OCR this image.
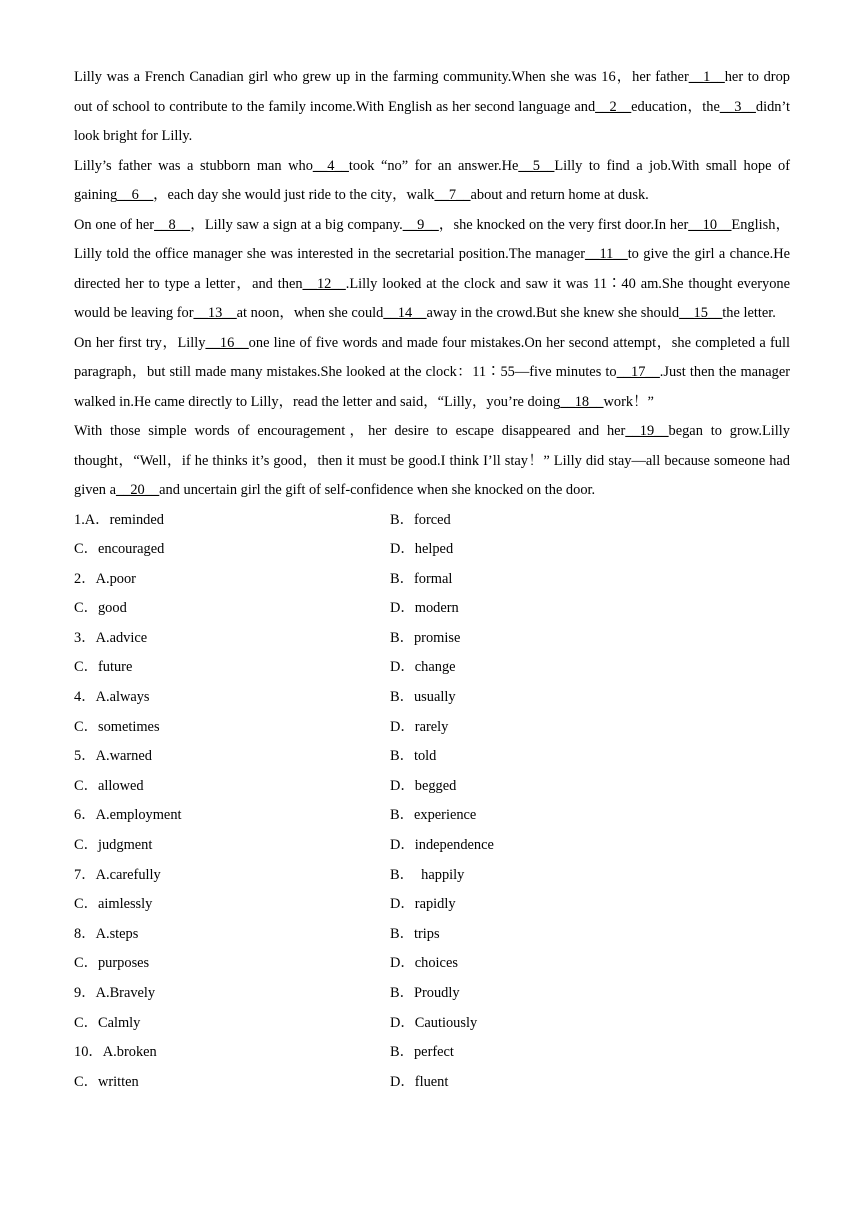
Lilly was a French Canadian girl who grew up in the farming community.When she was 16，her father__1__her to drop out of school to contribute to the family income.With English as her second language and__2__education，the__3__didn’t look bright for Lilly.

Lilly’s father was a stubborn man who__4__took “no” for an answer.He__5__Lilly to find a job.With small hope of gaining__6__，each day she would just ride to the city，walk__7__about and return home at dusk.

On one of her__8__，Lilly saw a sign at a big company.__9__，she knocked on the very first door.In her__10__English，Lilly told the office manager she was interested in the secretarial position.The manager__11__to give the girl a chance.He directed her to type a letter，and then__12__.Lilly looked at the clock and saw it was 11∶40 am.She thought everyone would be leaving for__13__at noon，when she could__14__away in the crowd.But she knew she should__15__the letter.

On her first try，Lilly__16__one line of five words and made four mistakes.On her second attempt，she completed a full paragraph，but still made many mistakes.She looked at the clock：11∶55—five minutes to__17__.Just then the manager walked in.He came directly to Lilly，read the letter and said，“Lilly，you’re doing__18__work！”

With those simple words of encouragement，her desire to escape disappeared and her__19__began to grow.Lilly thought，“Well，if he thinks it’s good，then it must be good.I think I’ll stay！” Lilly did stay—all because someone had given a__20__and uncertain girl the gift of self-confidence when she knocked on the door.

1.A．reminded	B．forced
C．encouraged	D．helped
2．A.poor	B．formal
C．good	D．modern
3．A.advice	B．promise
C．future	D．change
4．A.always	B．usually
C．sometimes	D．rarely
5．A.warned	B．told
C．allowed	D．begged
6．A.employment	B．experience
C．judgment	D．independence
7．A.carefully	B．  happily
C．aimlessly	D．rapidly
8．A.steps	B．trips
C．purposes	D．choices
9．A.Bravely	B．Proudly
C．Calmly	D．Cautiously
10．A.broken	B．perfect
C．written	D．fluent
